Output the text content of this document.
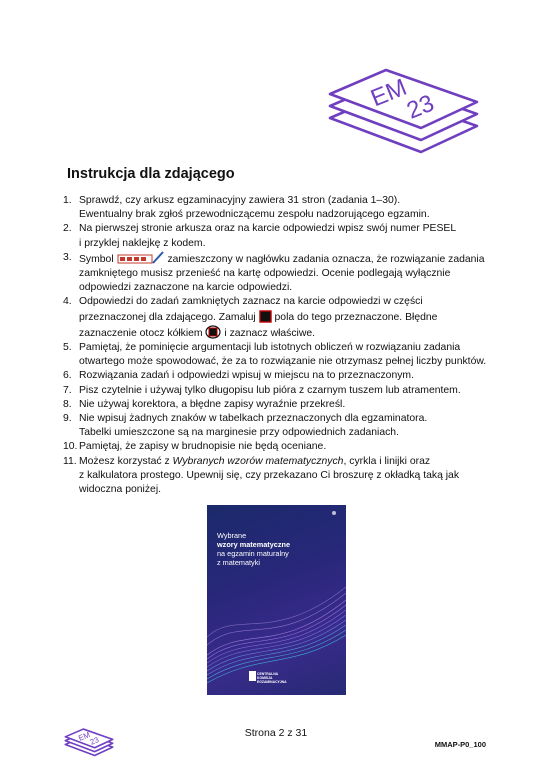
EM
23
Instrukcja dla zdającego
1. Sprawdź, czy arkusz egzaminacyjny zawiera 31 stron (zadania 1–30).
Ewentualny brak zgłoś przewodniczącemu zespołu nadzorującego egzamin.
2. Na pierwszej stronie arkusza oraz na karcie odpowiedzi wpisz swój numer PESEL
i przyklej naklejkę z kodem.
3. Symbol	zamieszczony w nagłówku zadania oznacza, że rozwiązanie zadania
zamkniętego musisz przenieść na kartę odpowiedzi. Ocenie podlegają wyłącznie
odpowiedzi zaznaczone na karcie odpowiedzi.
4. Odpowiedzi do zadań zamkniętych zaznacz na karcie odpowiedzi w części
przeznaczonej dla zdającego. Zamaluj pola do tego przeznaczone. Błędne
zaznaczenie otocz kółkiem i zaznacz właściwe.
5. Pamiętaj, że pominięcie argumentacji lub istotnych obliczeń w rozwiązaniu zadania
otwartego może spowodować, że za to rozwiązanie nie otrzymasz pełnej liczby punktów.
6. Rozwiązania zadań i odpowiedzi wpisuj w miejscu na to przeznaczonym.
7. Pisz czytelnie i używaj tylko długopisu lub pióra z czarnym tuszem lub atramentem.
8. Nie używaj korektora, a błędne zapisy wyraźnie przekreśl.
9. Nie wpisuj żadnych znaków w tabelkach przeznaczonych dla egzaminatora.
Tabelki umieszczone są na marginesie przy odpowiednich zadaniach.
10. Pamiętaj, że zapisy w brudnopisie nie będą oceniane.
11. Możesz korzystać z Wybranych wzorów matematycznych, cyrkla i linijki oraz
z kalkulatora prostego. Upewnij się, czy przekazano Ci broszurę z okładką taką jak
widoczna poniżej.
Wybrane
wzory matematyczne
na egzamin maturalny
z matematyki
CENTRALNA
KOMISJA
EGZAMINACYJNA
EM
23
Strona 2 z 31
MMAP-P0_100
